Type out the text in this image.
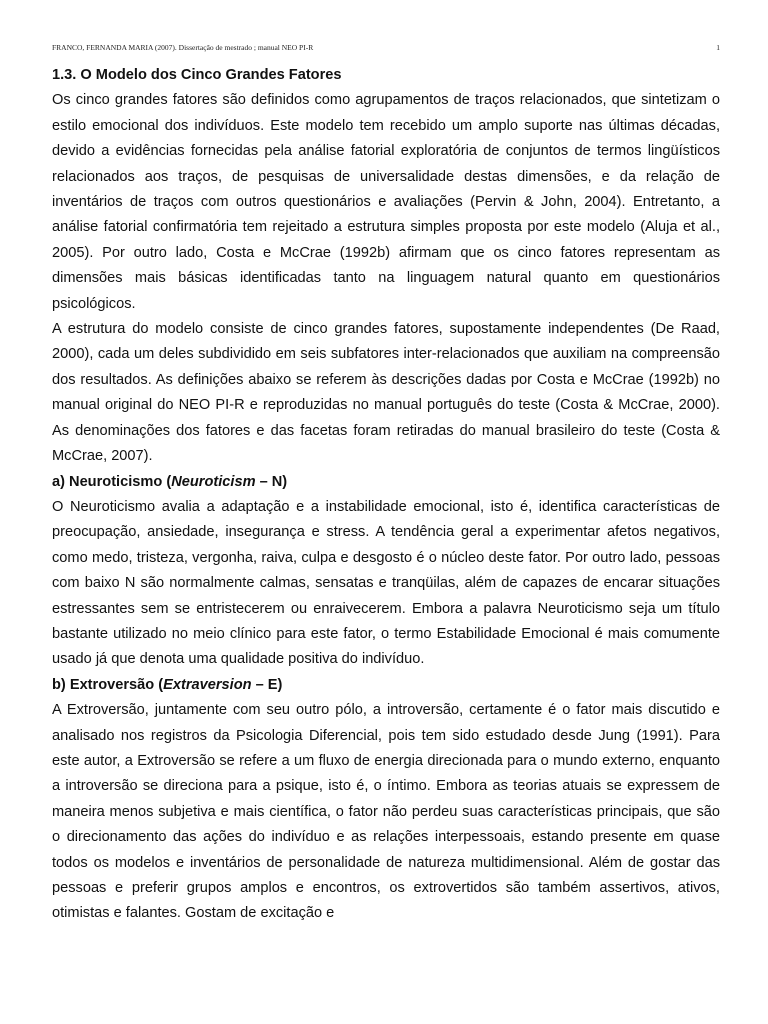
FRANCO, FERNANDA MARIA (2007). Dissertação de mestrado ; manual NEO PI-R	1
1.3. O Modelo dos Cinco Grandes Fatores

Os cinco grandes fatores são definidos como agrupamentos de traços relacionados, que sintetizam o estilo emocional dos indivíduos. Este modelo tem recebido um amplo suporte nas últimas décadas, devido a evidências fornecidas pela análise fatorial exploratória de conjuntos de termos lingüísticos relacionados aos traços, de pesquisas de universalidade destas dimensões, e da relação de inventários de traços com outros questionários e avaliações (Pervin & John, 2004). Entretanto, a análise fatorial confirmatória tem rejeitado a estrutura simples proposta por este modelo (Aluja et al., 2005). Por outro lado, Costa e McCrae (1992b) afirmam que os cinco fatores representam as dimensões mais básicas identificadas tanto na linguagem natural quanto em questionários psicológicos.

A estrutura do modelo consiste de cinco grandes fatores, supostamente independentes (De Raad, 2000), cada um deles subdividido em seis subfatores inter-relacionados que auxiliam na compreensão dos resultados. As definições abaixo se referem às descrições dadas por Costa e McCrae (1992b) no manual original do NEO PI-R e reproduzidas no manual português do teste (Costa & McCrae, 2000). As denominações dos fatores e das facetas foram retiradas do manual brasileiro do teste (Costa & McCrae, 2007).

a) Neuroticismo (Neuroticism – N)

O Neuroticismo avalia a adaptação e a instabilidade emocional, isto é, identifica características de preocupação, ansiedade, insegurança e stress. A tendência geral a experimentar afetos negativos, como medo, tristeza, vergonha, raiva, culpa e desgosto é o núcleo deste fator. Por outro lado, pessoas com baixo N são normalmente calmas, sensatas e tranqüilas, além de capazes de encarar situações estressantes sem se entristecerem ou enraivecerem. Embora a palavra Neuroticismo seja um título bastante utilizado no meio clínico para este fator, o termo Estabilidade Emocional é mais comumente usado já que denota uma qualidade positiva do indivíduo.

b) Extroversão (Extraversion – E)

A Extroversão, juntamente com seu outro pólo, a introversão, certamente é o fator mais discutido e analisado nos registros da Psicologia Diferencial, pois tem sido estudado desde Jung (1991). Para este autor, a Extroversão se refere a um fluxo de energia direcionada para o mundo externo, enquanto a introversão se direciona para a psique, isto é, o íntimo. Embora as teorias atuais se expressem de maneira menos subjetiva e mais científica, o fator não perdeu suas características principais, que são o direcionamento das ações do indivíduo e as relações interpessoais, estando presente em quase todos os modelos e inventários de personalidade de natureza multidimensional. Além de gostar das pessoas e preferir grupos amplos e encontros, os extrovertidos são também assertivos, ativos, otimistas e falantes. Gostam de excitação e
